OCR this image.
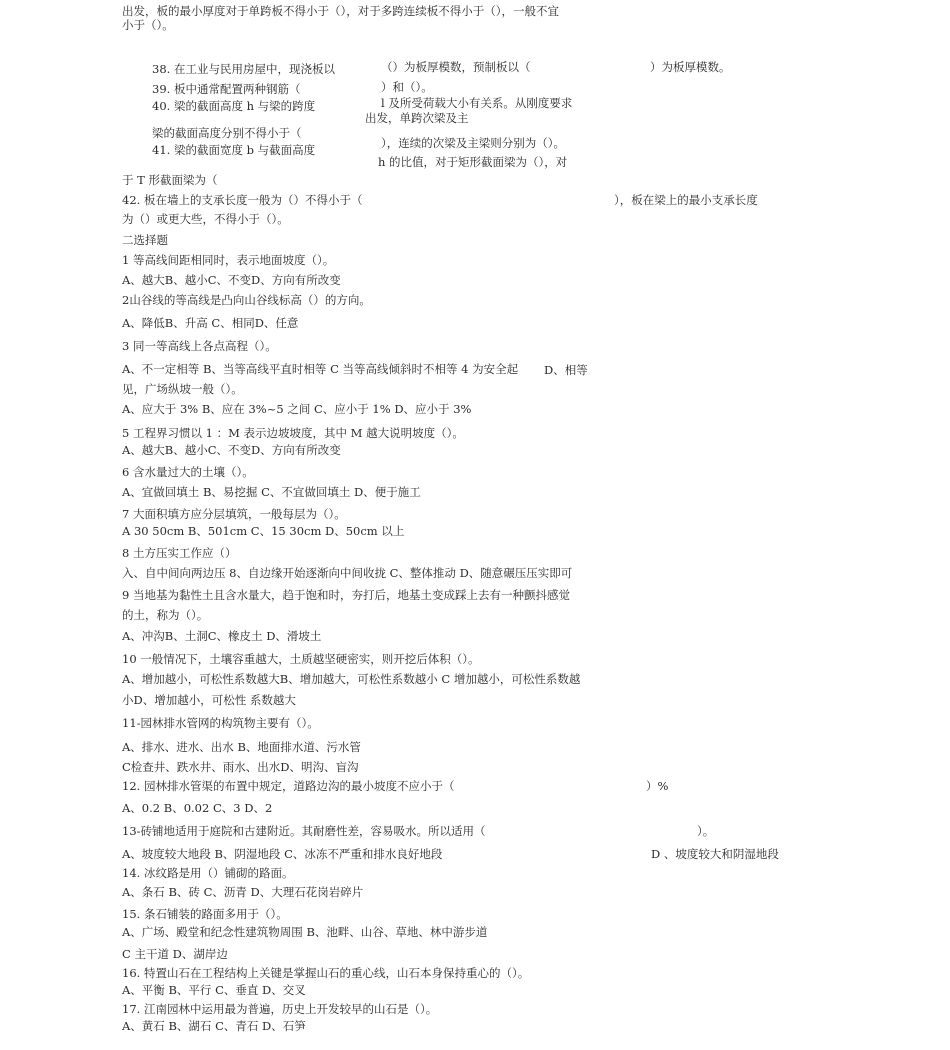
出发，板的最小厚度对于单跨板不得小于（），对于多跨连续板不得小于（），一般不宜
小于（）。
38. 在工业与民用房屋中，现浇板以	（）为板厚模数，预制板以（	）为板厚模数。
39. 板中通常配置两种钢筋（	）和（）。
40. 梁的截面高度 h 与梁的跨度	l 及所受荷载大小有关系。从刚度要求
出发，单跨次梁及主
梁的截面高度分别不得小于（
），连续的次梁及主梁则分别为（）。
41. 梁的截面宽度 b 与截面高度
h 的比值，对于矩形截面梁为（），对
于 T 形截面梁为（
42. 板在墙上的支承长度一般为（）不得小于（	），板在梁上的最小支承长度
为（）或更大些，不得小于（）。
二选择题
1 等高线间距相同时，表示地面坡度（）。
A、越大B、越小C、不变D、方向有所改变
2山谷线的等高线是凸向山谷线标高（）的方向。
A、降低B、升高 C、相同D、任意
3 同一等高线上各点高程（）。
A、不一定相等 B、当等高线平直时相等 C 当等高线倾斜时不相等 4 为安全起 D、相等
见，广场纵坡一般（）。
A、应大于 3% B、应在 3%~5 之间 C、应小于 1% D、应小于 3%
5 工程界习惯以 1 ：M 表示边坡坡度，其中 M 越大说明坡度（）。
A、越大B、越小C、不变D、方向有所改变
6 含水量过大的土壤（）。
A、宜做回填土 B、易挖掘 C、不宜做回填土 D、便于施工
7 大面积填方应分层填筑，一般每层为（）。
A 30 50cm B、501cm C、15 30cm D、50cm 以上
8 土方压实工作应（）
入、自中间向两边压 8、自边缘开始逐渐向中间收拢 C、整体推动 D、随意碾压压实即可
9 当地基为黏性土且含水量大，趋于饱和时，夯打后，地基土变成踩上去有一种颤抖感觉
的土，称为（）。
A、冲沟B、土洞C、橡皮土 D、滑坡土
10 一般情况下，土壤容重越大，土质越坚硬密实，则开挖后体积（）。
A、增加越小，可松性系数越大B、增加越大，可松性系数越小 C 增加越小，可松性系数越
小D、增加越小，可松性 系数越大
11-园林排水管网的构筑物主要有（）。
A、排水、进水、出水 B、地面排水道、污水管
C检查井、跌水井、雨水、出水D、明沟、盲沟
12. 园林排水管渠的布置中规定，道路边沟的最小坡度不应小于（	）%
A、0.2 B、0.02 C、3 D、2
13-砖铺地适用于庭院和古建附近。其耐磨性差，容易吸水。所以适用（	）。
A、坡度较大地段 B、阴湿地段 C、冰冻不严重和排水良好地段	D 、坡度较大和阴湿地段
14. 冰纹路是用（）铺砌的路面。
A、条石 B、砖 C、沥青 D、大理石花岗岩碎片
15. 条石铺装的路面多用于（）。
A、广场、殿堂和纪念性建筑物周围 B、池畔、山谷、草地、林中游步道
C 主干道 D、湖岸边
16. 特置山石在工程结构上关键是掌握山石的重心线，山石本身保持重心的（）。
A、平衡 B、平行 C、垂直 D、交叉
17. 江南园林中运用最为普遍，历史上开发较早的山石是（）。
A、黄石 B、湖石 C、青石 D、石笋
